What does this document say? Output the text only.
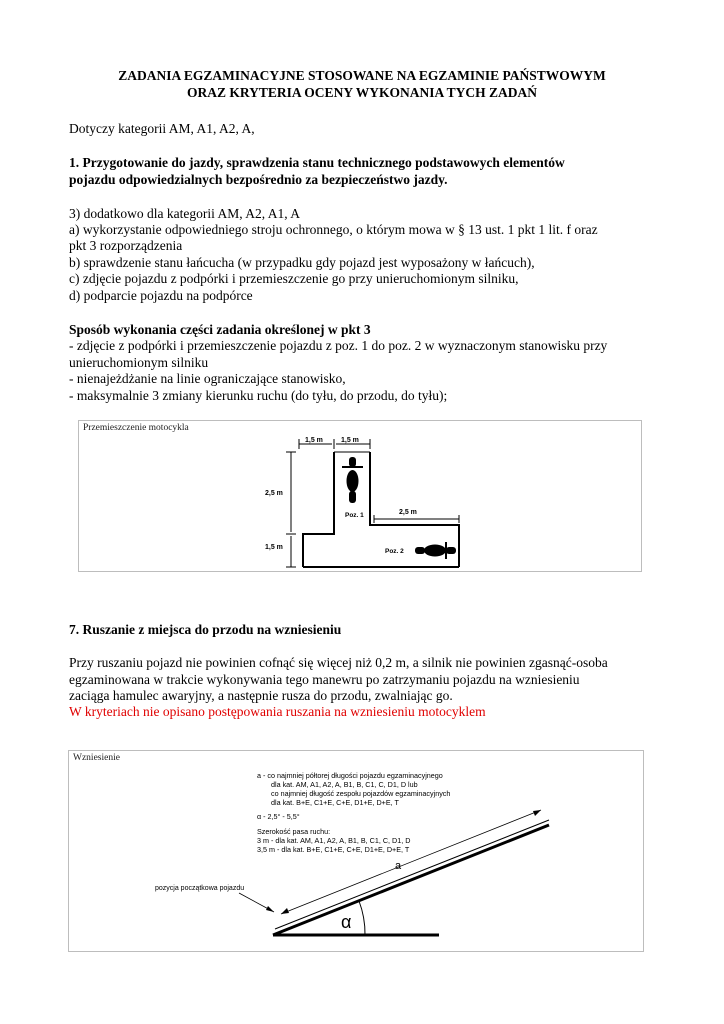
ZADANIA EGZAMINACYJNE STOSOWANE NA EGZAMINIE PAŃSTWOWYM
ORAZ KRYTERIA OCENY WYKONANIA TYCH ZADAŃ
Dotyczy kategorii AM, A1, A2, A,
1. Przygotowanie do jazdy, sprawdzenia stanu technicznego podstawowych elementów
pojazdu odpowiedzialnych bezpośrednio za bezpieczeństwo jazdy.
3) dodatkowo dla kategorii AM, A2, A1, A
a) wykorzystanie odpowiedniego stroju ochronnego, o którym mowa w § 13 ust. 1 pkt 1 lit. f oraz
pkt 3 rozporządzenia
b) sprawdzenie stanu łańcucha (w przypadku gdy pojazd jest wyposażony w łańcuch),
c) zdjęcie pojazdu z podpórki i przemieszczenie go przy unieruchomionym silniku,
d) podparcie pojazdu na podpórce
Sposób wykonania części zadania określonej w pkt 3
- zdjęcie z podpórki i przemieszczenie pojazdu z poz. 1 do poz. 2 w wyznaczonym stanowisku przy
unieruchomionym silniku
- nienajeżdżanie na linie ograniczające stanowisko,
- maksymalnie 3 zmiany kierunku ruchu (do tyłu, do przodu, do tyłu);
Przemieszczenie motocykla
1,5 m	1,5 m
2,5 m
1,5 m
2,5 m
Poz. 1
Poz. 2
7. Ruszanie z miejsca do przodu na wzniesieniu
Przy ruszaniu pojazd nie powinien cofnąć się więcej niż 0,2 m, a silnik nie powinien zgasnąć-osoba
egzaminowana w trakcie wykonywania tego manewru po zatrzymaniu pojazdu na wzniesieniu
zaciąga hamulec awaryjny, a następnie rusza do przodu, zwalniając go.
W kryteriach nie opisano postępowania ruszania na wzniesieniu motocyklem
Wzniesienie
a - co najmniej półtorej długości pojazdu egzaminacyjnego
dla kat. AM, A1, A2, A, B1, B, C1, C, D1, D lub
co najmniej długość zespołu pojazdów egzaminacyjnych
dla kat. B+E, C1+E, C+E, D1+E, D+E, T
α - 2,5° - 5,5°
Szerokość pasa ruchu:
3 m - dla kat. AM, A1, A2, A, B1, B, C1, C, D1, D
3,5 m - dla kat. B+E, C1+E, C+E, D1+E, D+E, T
a
α
pozycja początkowa pojazdu
